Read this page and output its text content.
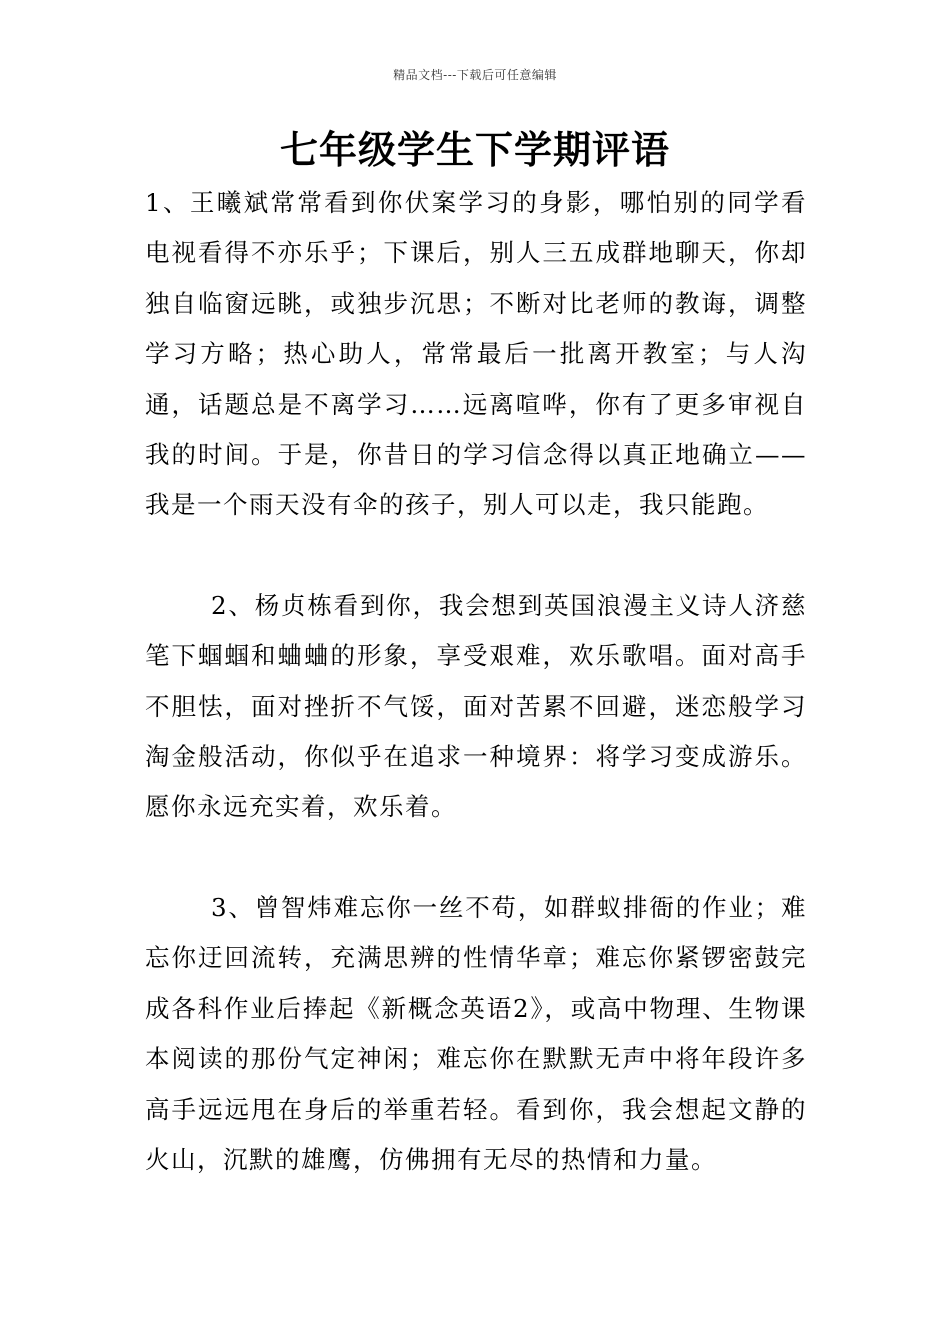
精品文档---下载后可任意编辑
七年级学生下学期评语

1、王曦斌常常看到你伏案学习的身影，哪怕别的同学看电视看得不亦乐乎；下课后，别人三五成群地聊天，你却独自临窗远眺，或独步沉思；不断对比老师的教诲，调整学习方略；热心助人，常常最后一批离开教室；与人沟通，话题总是不离学习……远离喧哗，你有了更多审视自我的时间。于是，你昔日的学习信念得以真正地确立——我是一个雨天没有伞的孩子，别人可以走，我只能跑。

2、杨贞栋看到你，我会想到英国浪漫主义诗人济慈笔下蝈蝈和蛐蛐的形象，享受艰难，欢乐歌唱。面对高手不胆怯，面对挫折不气馁，面对苦累不回避，迷恋般学习淘金般活动，你似乎在追求一种境界：将学习变成游乐。愿你永远充实着，欢乐着。

3、曾智炜难忘你一丝不苟，如群蚁排衙的作业；难忘你迂回流转，充满思辨的性情华章；难忘你紧锣密鼓完成各科作业后捧起《新概念英语2》，或高中物理、生物课本阅读的那份气定神闲；难忘你在默默无声中将年段许多高手远远甩在身后的举重若轻。看到你，我会想起文静的火山，沉默的雄鹰，仿佛拥有无尽的热情和力量。
